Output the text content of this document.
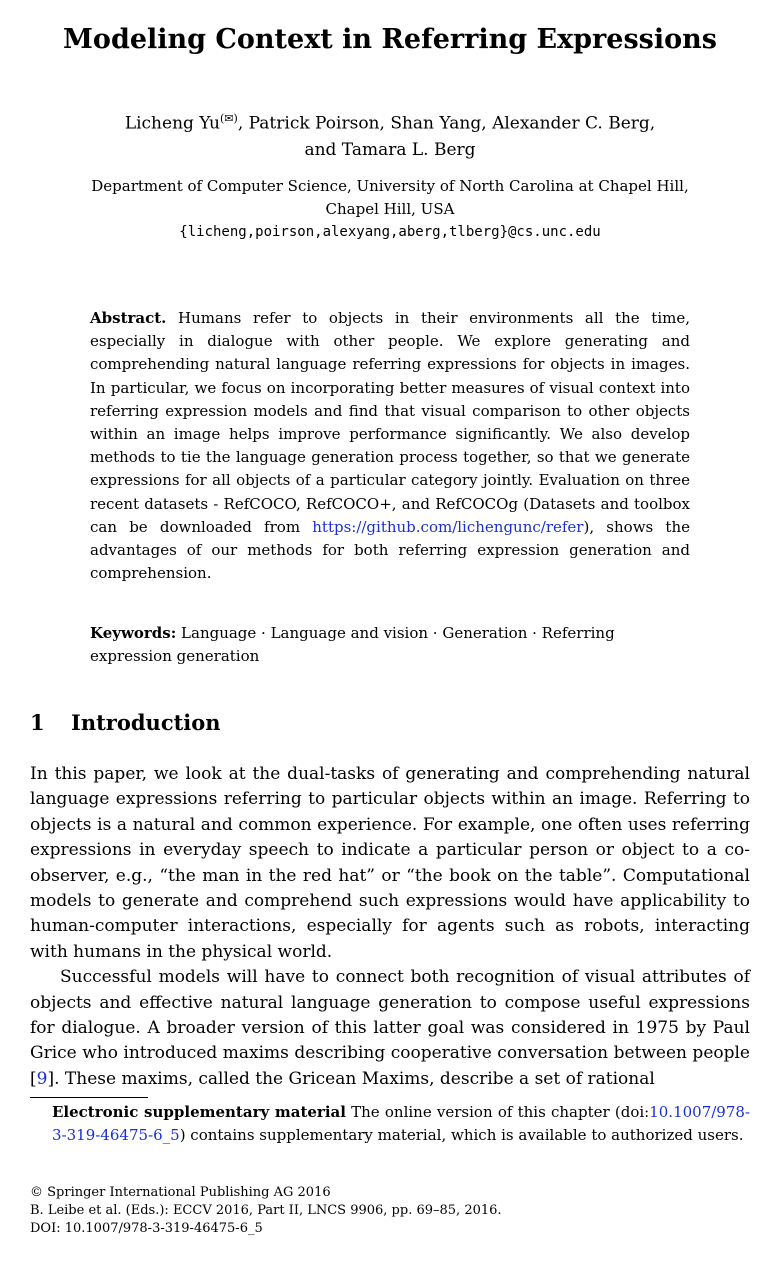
Modeling Context in Referring Expressions
Licheng Yu(✉), Patrick Poirson, Shan Yang, Alexander C. Berg,
and Tamara L. Berg
Department of Computer Science, University of North Carolina at Chapel Hill,
Chapel Hill, USA
{licheng,poirson,alexyang,aberg,tlberg}@cs.unc.edu
Abstract. Humans refer to objects in their environments all the time, especially in dialogue with other people. We explore generating and comprehending natural language referring expressions for objects in images. In particular, we focus on incorporating better measures of visual context into referring expression models and find that visual comparison to other objects within an image helps improve performance significantly. We also develop methods to tie the language generation process together, so that we generate expressions for all objects of a particular category jointly. Evaluation on three recent datasets - RefCOCO, RefCOCO+, and RefCOCOg (Datasets and toolbox can be downloaded from https://github.com/lichengunc/refer), shows the advantages of our methods for both referring expression generation and comprehension.
Keywords: Language · Language and vision · Generation · Referring expression generation
1 Introduction

In this paper, we look at the dual-tasks of generating and comprehending natural language expressions referring to particular objects within an image. Referring to objects is a natural and common experience. For example, one often uses referring expressions in everyday speech to indicate a particular person or object to a co-observer, e.g., “the man in the red hat” or “the book on the table”. Computational models to generate and comprehend such expressions would have applicability to human-computer interactions, especially for agents such as robots, interacting with humans in the physical world.

Successful models will have to connect both recognition of visual attributes of objects and effective natural language generation to compose useful expressions for dialogue. A broader version of this latter goal was considered in 1975 by Paul Grice who introduced maxims describing cooperative conversation between people [9]. These maxims, called the Gricean Maxims, describe a set of rational

Electronic supplementary material The online version of this chapter (doi:10.1007/978-3-319-46475-6_5) contains supplementary material, which is available to authorized users.
© Springer International Publishing AG 2016
B. Leibe et al. (Eds.): ECCV 2016, Part II, LNCS 9906, pp. 69–85, 2016.
DOI: 10.1007/978-3-319-46475-6_5
